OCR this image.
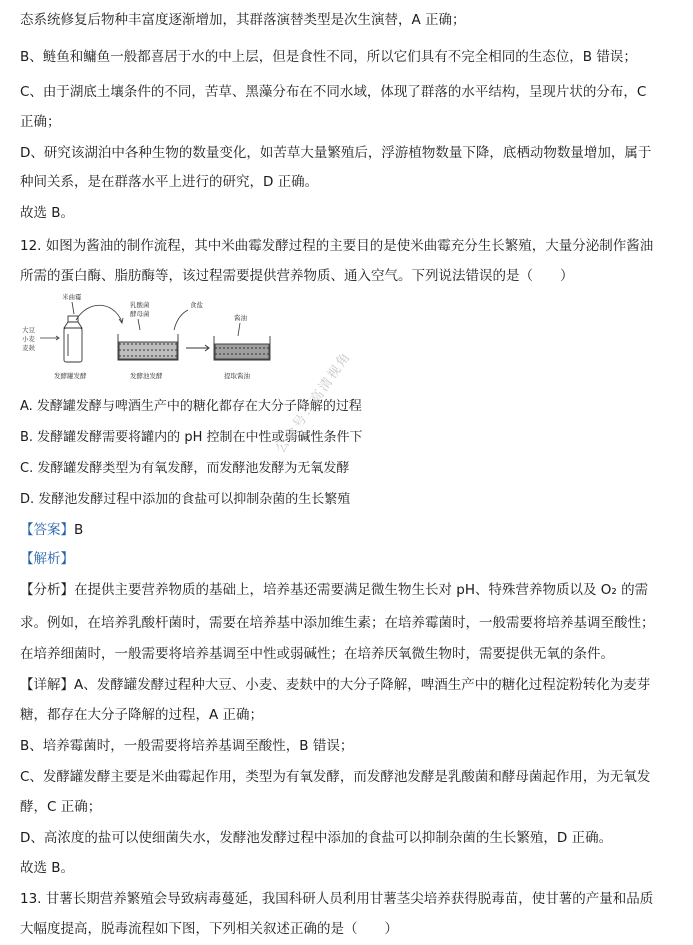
态系统修复后物种丰富度逐渐增加，其群落演替类型是次生演替，A 正确；
B、鲢鱼和鳙鱼一般都喜居于水的中上层，但是食性不同，所以它们具有不完全相同的生态位，B 错误；
C、由于湖底土壤条件的不同，苦草、黑藻分布在不同水域，体现了群落的水平结构，呈现片状的分布，C
正确；
D、研究该湖泊中各种生物的数量变化，如苦草大量繁殖后，浮游植物数量下降，底栖动物数量增加，属于
种间关系，是在群落水平上进行的研究，D 正确。
故选 B。
12. 如图为酱油的制作流程，其中米曲霉发酵过程的主要目的是使米曲霉充分生长繁殖，大量分泌制作酱油
所需的蛋白酶、脂肪酶等，该过程需要提供营养物质、通入空气。下列说法错误的是（　　）
大豆
小麦
麦麸
米曲霉
乳酸菌
酵母菌
食盐
酱油
发酵罐发酵	发酵池发酵	提取酱油
A. 发酵罐发酵与啤酒生产中的糖化都存在大分子降解的过程
B. 发酵罐发酵需要将罐内的 pH 控制在中性或弱碱性条件下
C. 发酵罐发酵类型为有氧发酵，而发酵池发酵为无氧发酵
D. 发酵池发酵过程中添加的食盐可以抑制杂菌的生长繁殖
【答案】B
【解析】
【分析】在提供主要营养物质的基础上，培养基还需要满足微生物生长对 pH、特殊营养物质以及 O₂ 的需
求。例如，在培养乳酸杆菌时，需要在培养基中添加维生素；在培养霉菌时，一般需要将培养基调至酸性；
在培养细菌时，一般需要将培养基调至中性或弱碱性；在培养厌氧微生物时，需要提供无氧的条件。
【详解】A、发酵罐发酵过程种大豆、小麦、麦麸中的大分子降解，啤酒生产中的糖化过程淀粉转化为麦芽
糖，都存在大分子降解的过程，A 正确；
B、培养霉菌时，一般需要将培养基调至酸性，B 错误；
C、发酵罐发酵主要是米曲霉起作用，类型为有氧发酵，而发酵池发酵是乳酸菌和酵母菌起作用，为无氧发
酵，C 正确；
D、高浓度的盐可以使细菌失水，发酵池发酵过程中添加的食盐可以抑制杂菌的生长繁殖，D 正确。
故选 B。
13. 甘薯长期营养繁殖会导致病毒蔓延，我国科研人员利用甘薯茎尖培养获得脱毒苗，使甘薯的产量和品质
大幅度提高，脱毒流程如下图，下列相关叙述正确的是（　　）
公众号：高清视角
